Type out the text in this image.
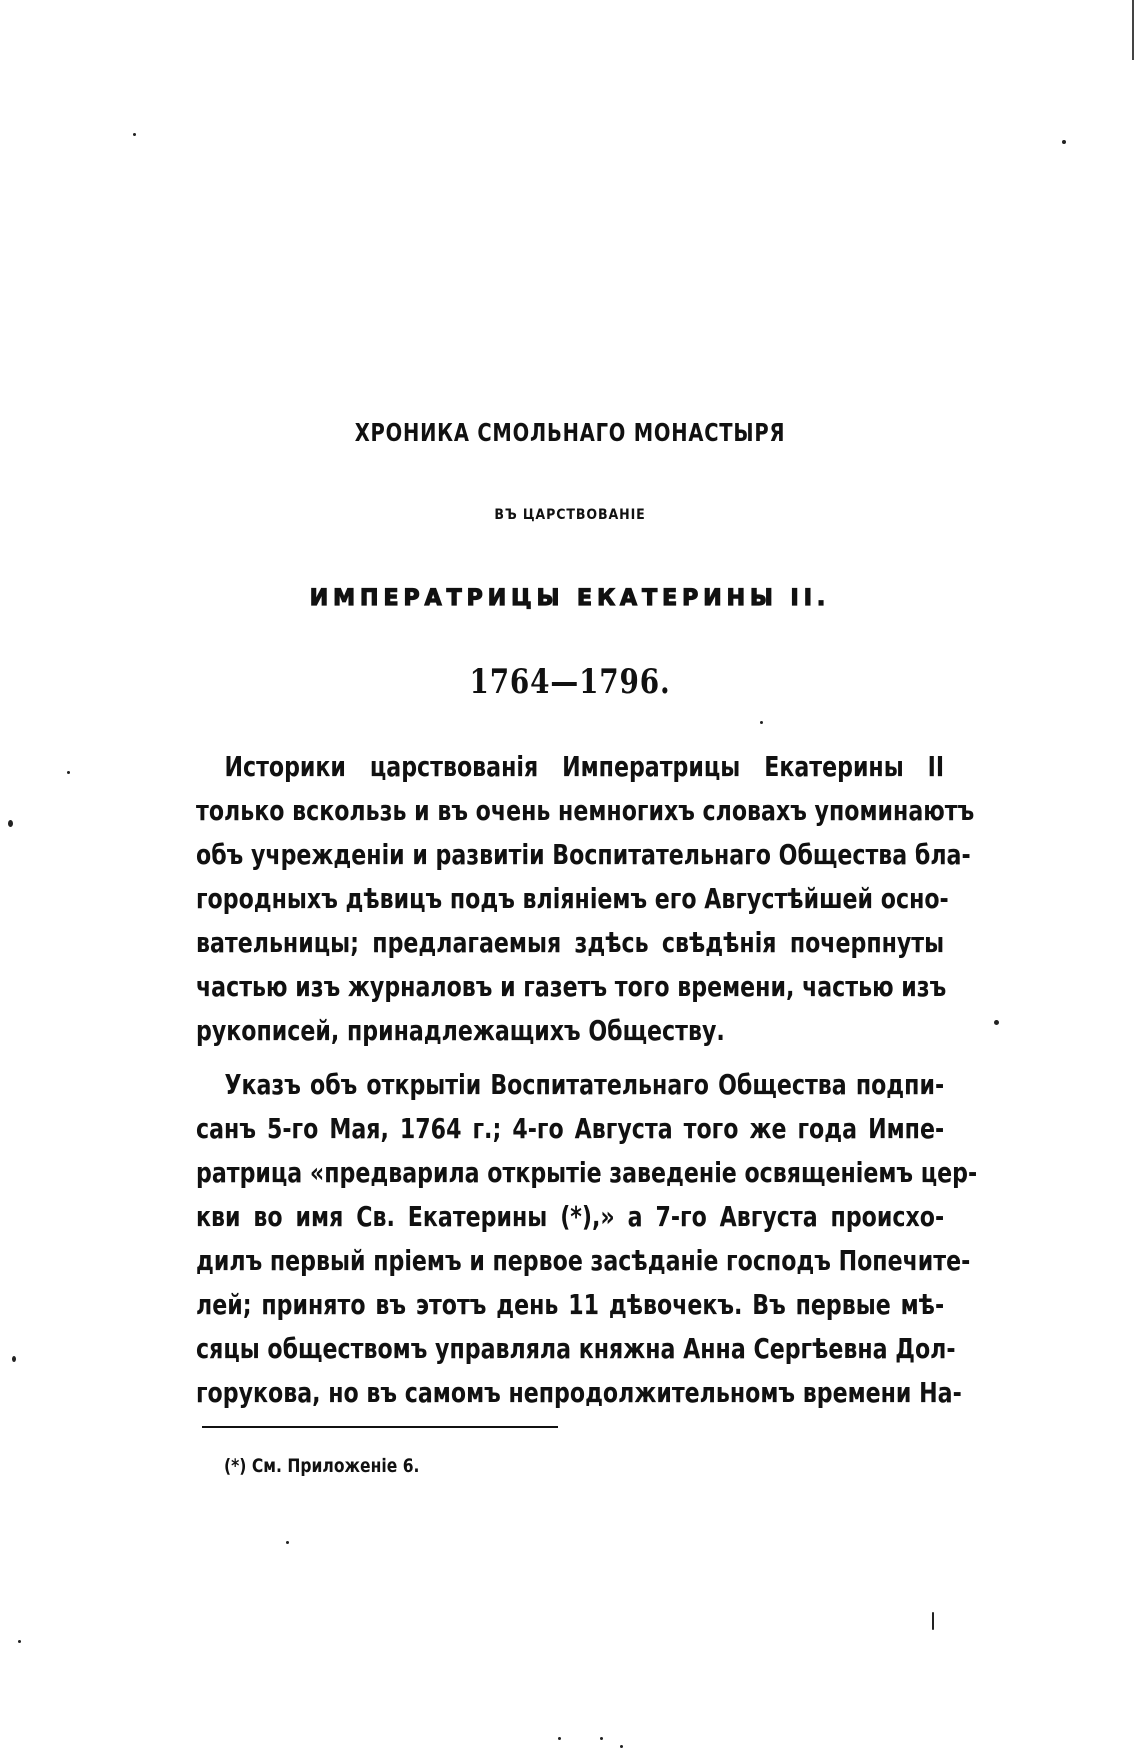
ХРОНИКА СМОЛЬНАГО МОНАСТЫРЯ
ВЪ ЦАРСТВОВАНІЕ
ИМПЕРАТРИЦЫ ЕКАТЕРИНЫ II.
1764—1796.
Историки царствованія Императрицы Екатерины II
только вскользь и въ очень немногихъ словахъ упоминаютъ
объ учрежденіи и развитіи Воспитательнаго Общества бла-
городныхъ дѣвицъ подъ вліяніемъ его Августѣйшей осно-
вательницы; предлагаемыя здѣсь свѣдѣнія почерпнуты
частью изъ журналовъ и газетъ того времени, частью изъ
рукописей, принадлежащихъ Обществу.
Указъ объ открытіи Воспитательнаго Общества подпи-
санъ 5-го Мая, 1764 г.; 4-го Августа того же года Импе-
ратрица «предварила открытіе заведеніе освященіемъ цер-
кви во имя Св. Екатерины (*),» а 7-го Августа происхо-
дилъ первый пріемъ и первое засѣданіе господъ Попечите-
лей; принято въ этотъ день 11 дѣвочекъ. Въ первые мѣ-
сяцы обществомъ управляла княжна Анна Сергѣевна Дол-
горукова, но въ самомъ непродолжительномъ времени На-
(*) См. Приложеніе 6.
